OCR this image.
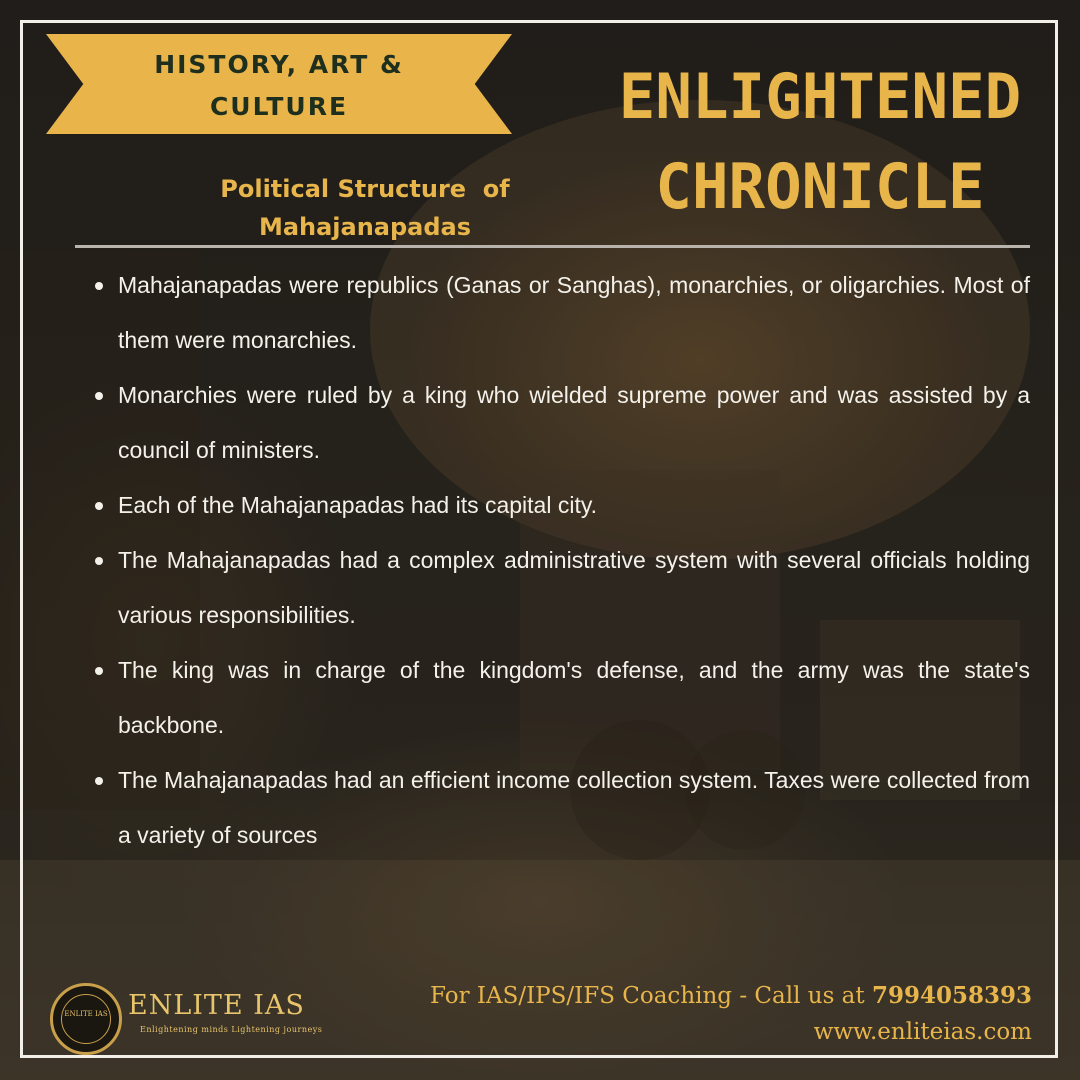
HISTORY, ART &
CULTURE	ENLIGHTENED
CHRONICLE
Political Structure  of
Mahajanapadas
Mahajanapadas were republics (Ganas or Sanghas), monarchies, or oligarchies. Most of them were monarchies.
Monarchies were ruled by a king who wielded supreme power and was assisted by a council of ministers.
Each of the Mahajanapadas had its capital city.
The Mahajanapadas had a complex administrative system with several officials holding various responsibilities.
The king was in charge of the kingdom's defense, and the army was the state's backbone.
The Mahajanapadas had an efficient income collection system. Taxes were collected from a variety of sources
ENLITE IAS ENLITE IAS
Enlightening minds Lightening journeys
For IAS/IPS/IFS Coaching - Call us at 7994058393
www.enliteias.com
